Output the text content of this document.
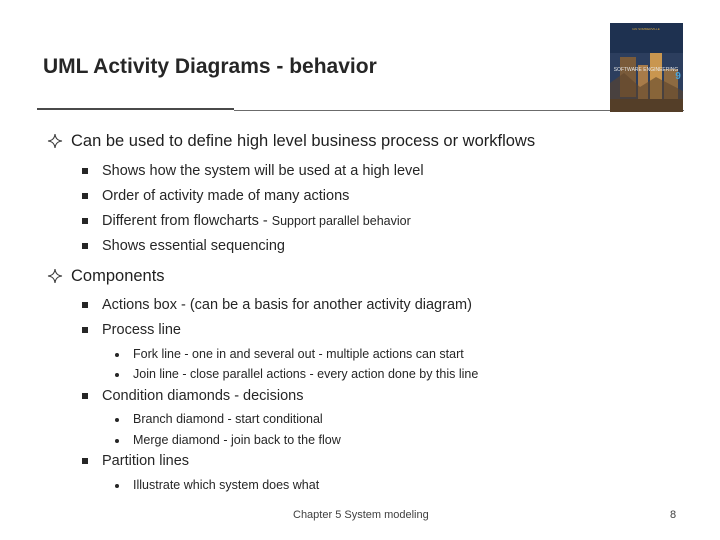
UML Activity Diagrams - behavior
IAN SOMMERVILLE
SOFTWARE ENGINEERING
9
Can be used to define high level business process or workflows
Shows how the system will be used at a high level
Order of activity made of many actions
Different from flowcharts - Support parallel behavior
Shows essential sequencing
Components
Actions box - (can be a basis for another activity diagram)
Process line
Fork line - one in and several out - multiple actions can start
Join line - close parallel actions - every action done by this line
Condition diamonds - decisions
Branch diamond - start conditional
Merge diamond - join back to the flow
Partition lines
Illustrate which system does what
Chapter 5 System modeling	8
